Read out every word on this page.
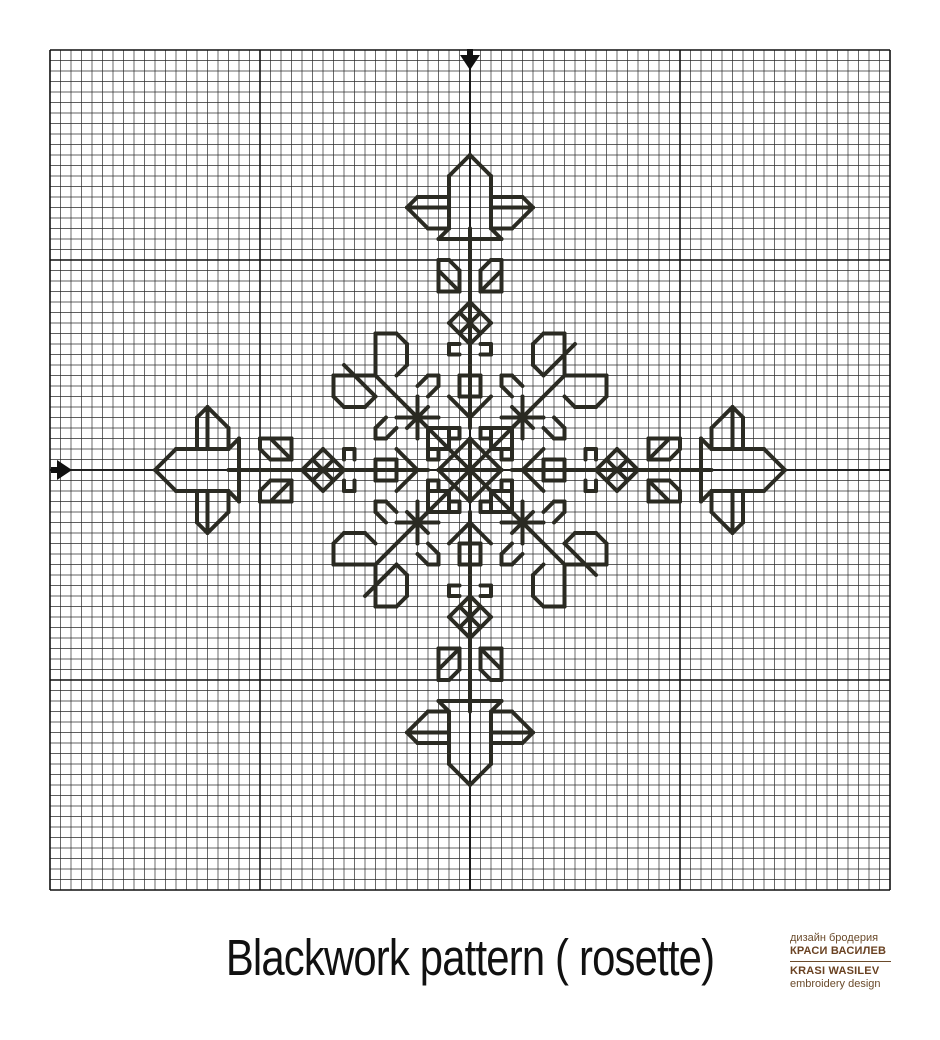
Blackwork pattern ( rosette)	дизайн бродерия
КРАСИ ВАСИЛЕВ
KRASI WASILEV
embroidery design
